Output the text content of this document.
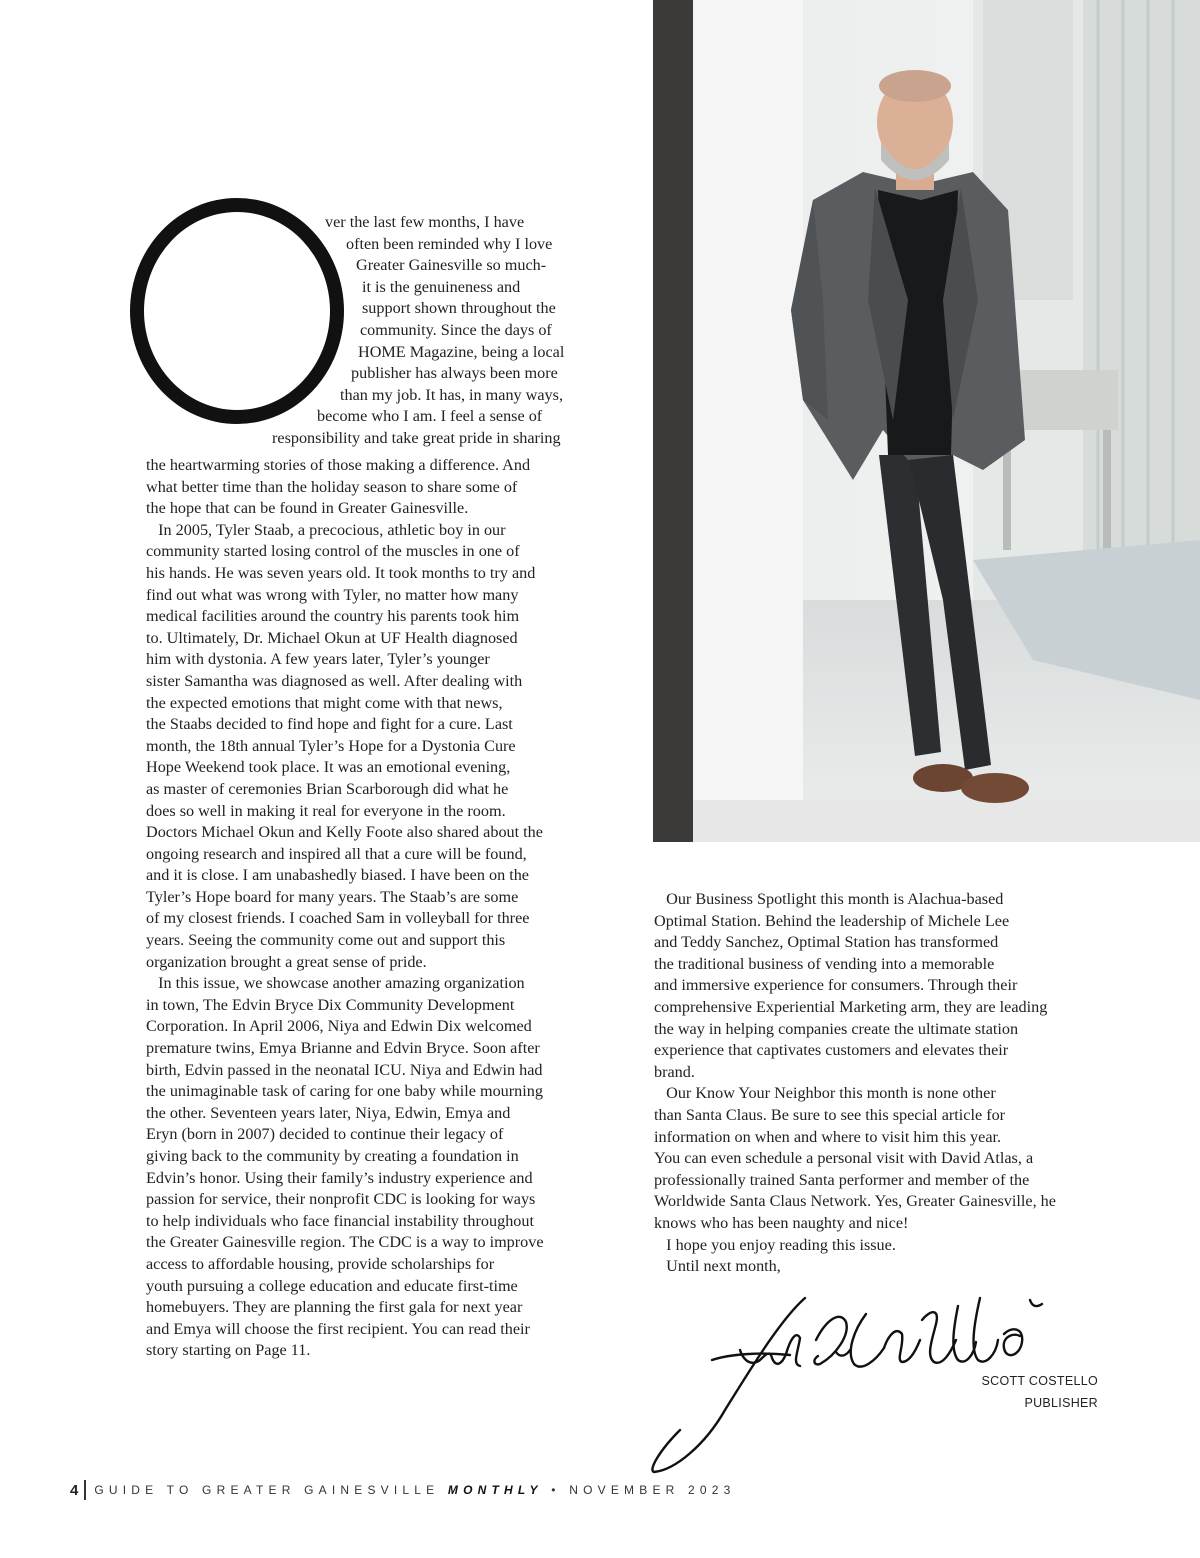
ver the last few months, I have
often been reminded why I love
Greater Gainesville so much-
it is the genuineness and
support shown throughout the
community. Since the days of
HOME Magazine, being a local
publisher has always been more
than my job. It has, in many ways,
become who I am. I feel a sense of
responsibility and take great pride in sharing

the heartwarming stories of those making a difference. And
what better time than the holiday season to share some of
the hope that can be found in Greater Gainesville.

In 2005, Tyler Staab, a precocious, athletic boy in our
community started losing control of the muscles in one of
his hands. He was seven years old. It took months to try and
find out what was wrong with Tyler, no matter how many
medical facilities around the country his parents took him
to. Ultimately, Dr. Michael Okun at UF Health diagnosed
him with dystonia. A few years later, Tyler’s younger
sister Samantha was diagnosed as well. After dealing with
the expected emotions that might come with that news,
the Staabs decided to find hope and fight for a cure. Last
month, the 18th annual Tyler’s Hope for a Dystonia Cure
Hope Weekend took place. It was an emotional evening,
as master of ceremonies Brian Scarborough did what he
does so well in making it real for everyone in the room.
Doctors Michael Okun and Kelly Foote also shared about the
ongoing research and inspired all that a cure will be found,
and it is close. I am unabashedly biased. I have been on the
Tyler’s Hope board for many years. The Staab’s are some
of my closest friends. I coached Sam in volleyball for three
years. Seeing the community come out and support this
organization brought a great sense of pride.

In this issue, we showcase another amazing organization
in town, The Edvin Bryce Dix Community Development
Corporation. In April 2006, Niya and Edwin Dix welcomed
premature twins, Emya Brianne and Edvin Bryce. Soon after
birth, Edvin passed in the neonatal ICU. Niya and Edwin had
the unimaginable task of caring for one baby while mourning
the other. Seventeen years later, Niya, Edwin, Emya and
Eryn (born in 2007) decided to continue their legacy of
giving back to the community by creating a foundation in
Edvin’s honor. Using their family’s industry experience and
passion for service, their nonprofit CDC is looking for ways
to help individuals who face financial instability throughout
the Greater Gainesville region. The CDC is a way to improve
access to affordable housing, provide scholarships for
youth pursuing a college education and educate first-time
homebuyers. They are planning the first gala for next year
and Emya will choose the first recipient. You can read their
story starting on Page 11.

Our Business Spotlight this month is Alachua-based
Optimal Station. Behind the leadership of Michele Lee
and Teddy Sanchez, Optimal Station has transformed
the traditional business of vending into a memorable
and immersive experience for consumers. Through their
comprehensive Experiential Marketing arm, they are leading
the way in helping companies create the ultimate station
experience that captivates customers and elevates their
brand.

Our Know Your Neighbor this month is none other
than Santa Claus. Be sure to see this special article for
information on when and where to visit him this year.
You can even schedule a personal visit with David Atlas, a
professionally trained Santa performer and member of the
Worldwide Santa Claus Network. Yes, Greater Gainesville, he
knows who has been naughty and nice!

I hope you enjoy reading this issue.

Until next month,

SCOTT COSTELLO
PUBLISHER
4 GUIDE TO GREATER GAINESVILLE
MONTHLY
•
NOVEMBER 2023
